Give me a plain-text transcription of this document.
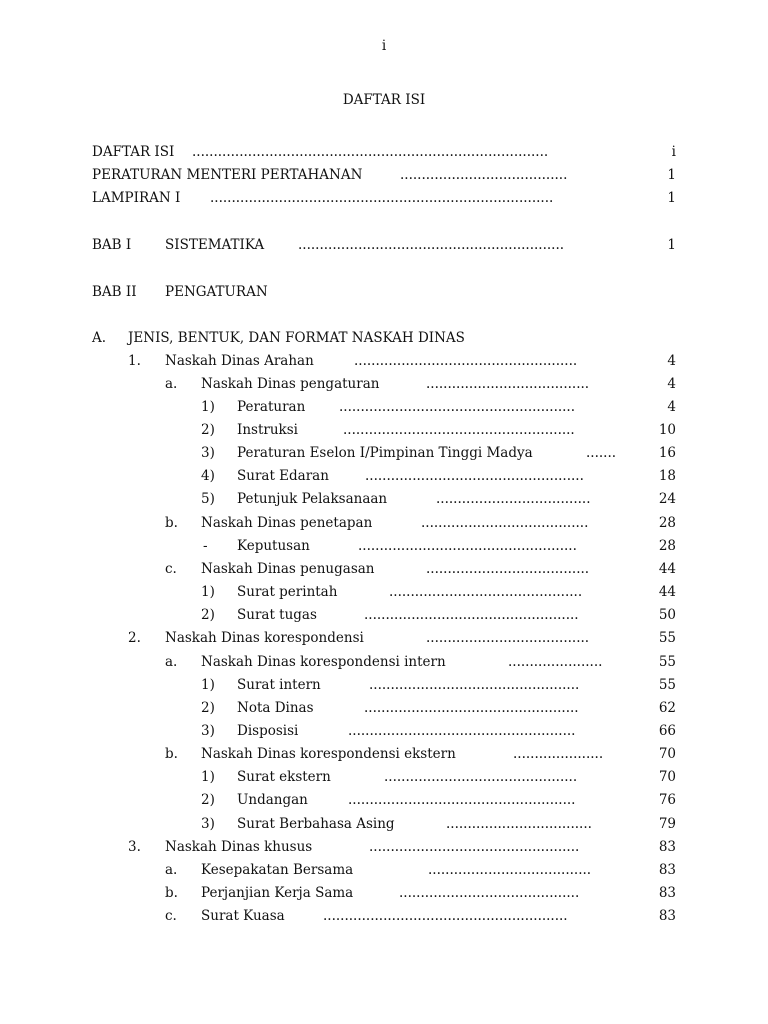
i
DAFTAR ISI
DAFTAR ISI ...................................................................................	i
PERATURAN MENTERI PERTAHANAN	.......................................	1
LAMPIRAN I ................................................................................	1
BAB I	SISTEMATIKA	..............................................................	1
BAB II PENGATURAN
A. JENIS, BENTUK, DAN FORMAT NASKAH DINAS
1. Naskah Dinas Arahan	....................................................	4
a. Naskah Dinas pengaturan	......................................	4
1) Peraturan .......................................................	4
2) Instruksi	......................................................	10
3) Peraturan Eselon I/Pimpinan Tinggi Madya	.......	16
4) Surat Edaran	...................................................	18
5) Petunjuk Pelaksanaan	....................................	24
b. Naskah Dinas penetapan	.......................................	28
- Keputusan	...................................................	28
c. Naskah Dinas penugasan	......................................	44
1) Surat perintah	.............................................	44
2) Surat tugas	..................................................	50
2. Naskah Dinas korespondensi	......................................	55
a. Naskah Dinas korespondensi intern	......................	55
1) Surat intern	.................................................	55
2) Nota Dinas	..................................................	62
3) Disposisi	.....................................................	66
b. Naskah Dinas korespondensi ekstern	.....................	70
1) Surat ekstern	.............................................	70
2) Undangan	.....................................................	76
3) Surat Berbahasa Asing	..................................	79
3. Naskah Dinas khusus	.................................................	83
a. Kesepakatan Bersama	......................................	83
b. Perjanjian Kerja Sama	..........................................	83
c. Surat Kuasa	.........................................................	83
